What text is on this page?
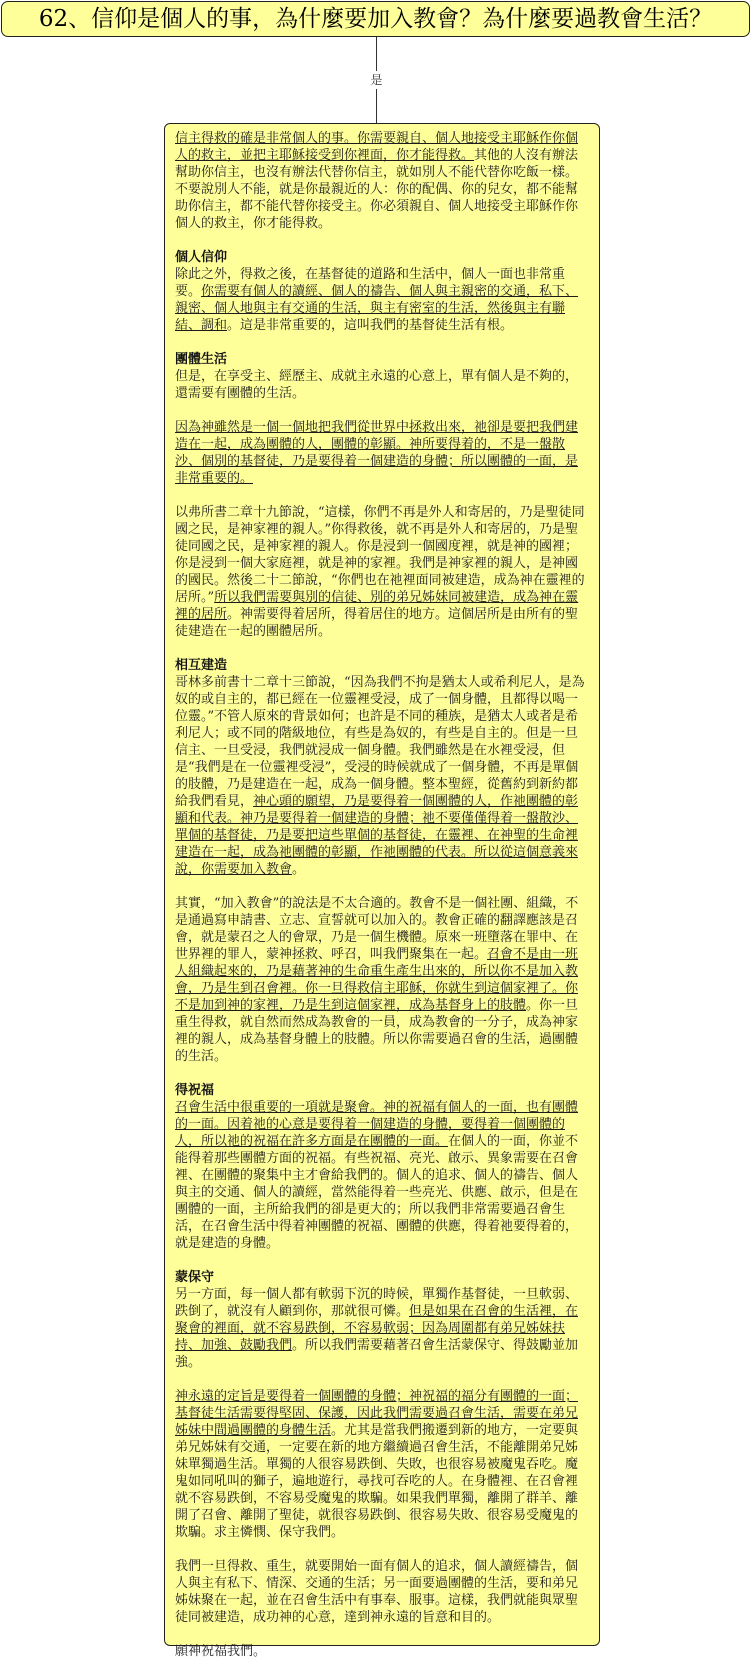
62、信仰是個人的事，為什麼要加入教會？為什麼要過教會生活？
是
信主得救的確是非常個人的事。你需要親自、個人地接受主耶穌作你個人的救主，並把主耶穌接受到你裡面，你才能得救。其他的人沒有辦法幫助你信主，也沒有辦法代替你信主，就如別人不能代替你吃飯一樣。不要說別人不能，就是你最親近的人：你的配偶、你的兒女，都不能幫助你信主，都不能代替你接受主。你必須親自、個人地接受主耶穌作你個人的救主，你才能得救。
個人信仰
除此之外，得救之後，在基督徒的道路和生活中，個人一面也非常重要。你需要有個人的讀經、個人的禱告、個人與主親密的交通，私下、親密、個人地與主有交通的生活，與主有密室的生活，然後與主有聯結、調和。這是非常重要的，這叫我們的基督徒生活有根。
團體生活
但是，在享受主、經歷主、成就主永遠的心意上，單有個人是不夠的，還需要有團體的生活。
因為神雖然是一個一個地把我們從世界中拯救出來，祂卻是要把我們建造在一起，成為團體的人，團體的彰顯。神所要得着的，不是一盤散沙、個別的基督徒，乃是要得着一個建造的身體；所以團體的一面，是非常重要的。
以弗所書二章十九節說，“這樣，你們不再是外人和寄居的，乃是聖徒同國之民，是神家裡的親人。”你得救後，就不再是外人和寄居的，乃是聖徒同國之民，是神家裡的親人。你是浸到一個國度裡，就是神的國裡；你是浸到一個大家庭裡，就是神的家裡。我們是神家裡的親人，是神國的國民。然後二十二節說，“你們也在祂裡面同被建造，成為神在靈裡的居所。”所以我們需要與別的信徒、別的弟兄姊妹同被建造，成為神在靈裡的居所。神需要得着居所，得着居住的地方。這個居所是由所有的聖徒建造在一起的團體居所。
相互建造
哥林多前書十二章十三節說，“因為我們不拘是猶太人或希利尼人，是為奴的或自主的，都已經在一位靈裡受浸，成了一個身體，且都得以喝一位靈。”不管人原來的背景如何；也許是不同的種族，是猶太人或者是希利尼人；或不同的階級地位，有些是為奴的，有些是自主的。但是一旦信主、一旦受浸，我們就浸成一個身體。我們雖然是在水裡受浸，但是“我們是在一位靈裡受浸”，受浸的時候就成了一個身體，不再是單個的肢體，乃是建造在一起，成為一個身體。整本聖經，從舊約到新約都給我們看見，神心頭的願望，乃是要得着一個團體的人，作祂團體的彰顯和代表。神乃是要得着一個建造的身體；祂不要僅僅得着一盤散沙、單個的基督徒，乃是要把這些單個的基督徒，在靈裡、在神聖的生命裡建造在一起，成為祂團體的彰顯，作祂團體的代表。所以從這個意義來說，你需要加入教會。
其實，“加入教會”的說法是不太合適的。教會不是一個社團、組織，不是通過寫申請書、立志、宣誓就可以加入的。教會正確的翻譯應該是召會，就是蒙召之人的會眾，乃是一個生機體。原來一班墮落在罪中、在世界裡的罪人，蒙神拯救、呼召，叫我們聚集在一起。召會不是由一班人組織起來的，乃是藉著神的生命重生產生出來的，所以你不是加入教會，乃是生到召會裡。你一旦得救信主耶穌，你就生到這個家裡了。你不是加到神的家裡，乃是生到這個家裡，成為基督身上的肢體。你一旦重生得救，就自然而然成為教會的一員，成為教會的一分子，成為神家裡的親人，成為基督身體上的肢體。所以你需要過召會的生活，過團體的生活。
得祝福
召會生活中很重要的一項就是聚會。神的祝福有個人的一面，也有團體的一面。因着祂的心意是要得着一個建造的身體，要得着一個團體的人，所以祂的祝福在許多方面是在團體的一面。在個人的一面，你並不能得着那些團體方面的祝福。有些祝福、亮光、啟示、異象需要在召會裡、在團體的聚集中主才會給我們的。個人的追求、個人的禱告、個人與主的交通、個人的讀經，當然能得着一些亮光、供應、啟示，但是在團體的一面，主所給我們的卻是更大的；所以我們非常需要過召會生活，在召會生活中得着神團體的祝福、團體的供應，得着祂要得着的，就是建造的身體。
蒙保守
另一方面，每一個人都有軟弱下沉的時候，單獨作基督徒，一旦軟弱、跌倒了，就沒有人顧到你，那就很可憐。但是如果在召會的生活裡，在聚會的裡面，就不容易跌倒，不容易軟弱；因為周圍都有弟兄姊妹扶持、加強、鼓勵我們。所以我們需要藉著召會生活蒙保守、得鼓勵並加強。
神永遠的定旨是要得着一個團體的身體；神祝福的福分有團體的一面；基督徒生活需要得堅固、保護，因此我們需要過召會生活，需要在弟兄姊妹中間過團體的身體生活。尤其是當我們搬遷到新的地方，一定要與弟兄姊妹有交通，一定要在新的地方繼續過召會生活，不能離開弟兄姊妹單獨過生活。單獨的人很容易跌倒、失敗，也很容易被魔鬼吞吃。魔鬼如同吼叫的獅子，遍地遊行，尋找可吞吃的人。在身體裡、在召會裡就不容易跌倒，不容易受魔鬼的欺騙。如果我們單獨，離開了群羊、離開了召會、離開了聖徒，就很容易跌倒、很容易失敗、很容易受魔鬼的欺騙。求主憐憫、保守我們。
我們一旦得救、重生，就要開始一面有個人的追求，個人讀經禱告，個人與主有私下、情深、交通的生活；另一面要過團體的生活，要和弟兄姊妹聚在一起，並在召會生活中有事奉、服事。這樣，我們就能與眾聖徒同被建造，成功神的心意，達到神永遠的旨意和目的。
願神祝福我們。
